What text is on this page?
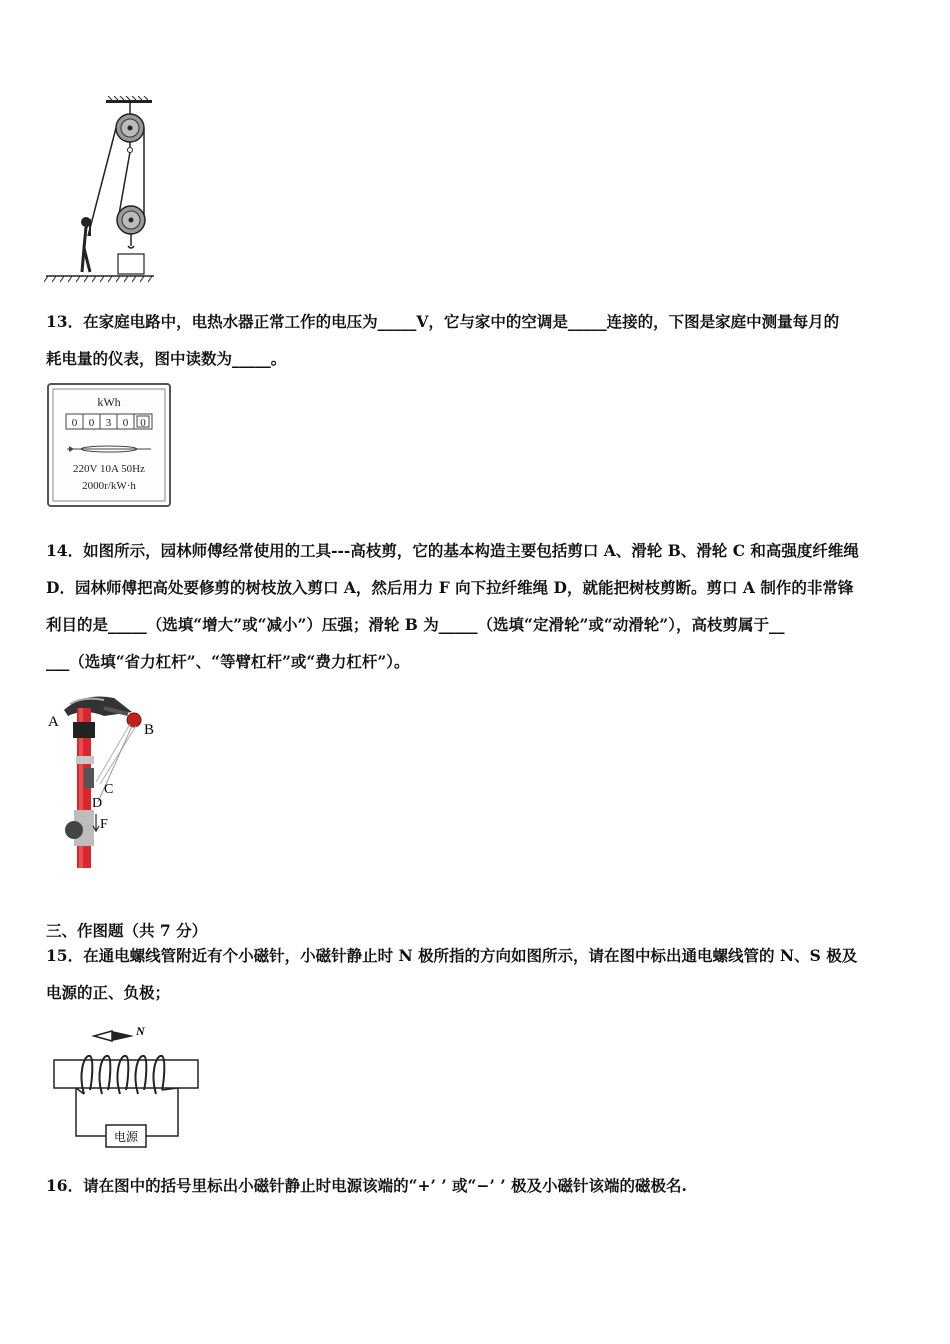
13．在家庭电路中，电热水器正常工作的电压为_____V，它与家中的空调是_____连接的，下图是家庭中测量每月的
耗电量的仪表，图中读数为_____。
kWh
0 0 3 0 0
220V 10A 50Hz
2000r/kW·h
14．如图所示，园林师傅经常使用的工具---高枝剪，它的基本构造主要包括剪口 A、滑轮 B、滑轮 C 和高强度纤维绳
D．园林师傅把高处要修剪的树枝放入剪口 A，然后用力 F 向下拉纤维绳 D，就能把树枝剪断。剪口 A 制作的非常锋
利目的是_____（选填“增大”或“减小”）压强；滑轮 B 为_____（选填“定滑轮”或“动滑轮”），高枝剪属于__
___（选填“省力杠杆”、“等臂杠杆”或“费力杠杆”）。
A	B
C
D
F
三、作图题（共 7 分）
15．在通电螺线管附近有个小磁针，小磁针静止时 N 极所指的方向如图所示，请在图中标出通电螺线管的 N、S 极及
电源的正、负极；
N
电源
16．请在图中的括号里标出小磁针静止时电源该端的“+’ ’ 或“−’ ’ 极及小磁针该端的磁极名.
